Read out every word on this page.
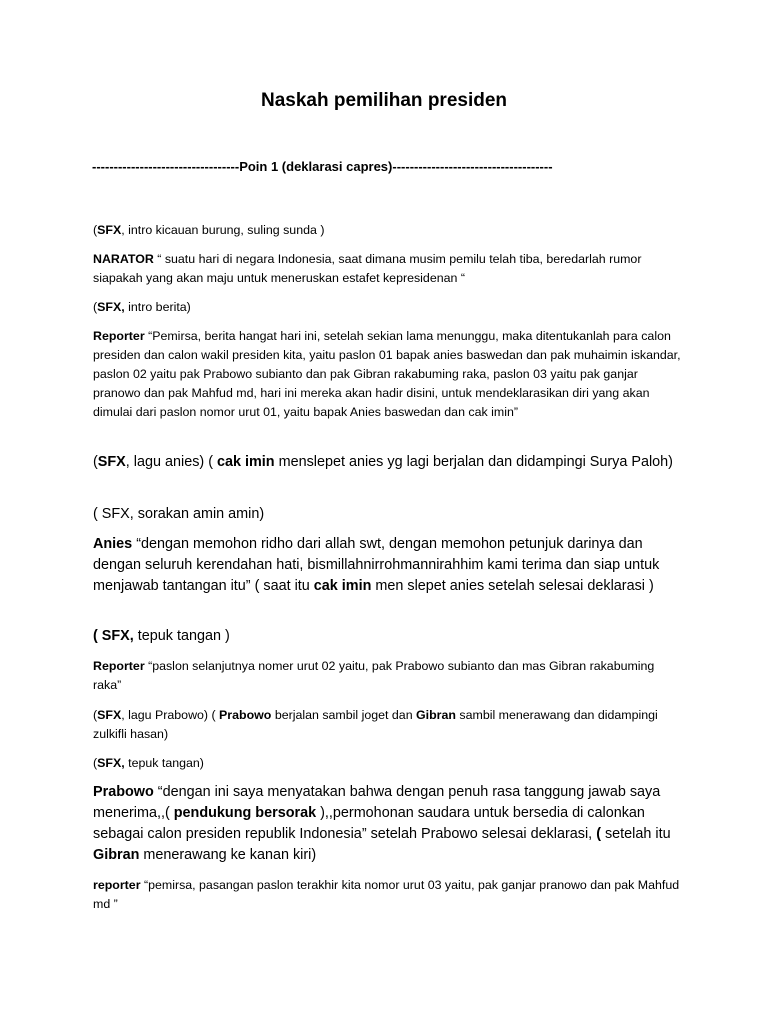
Naskah pemilihan presiden
----------------------------------Poin 1 (deklarasi capres)-------------------------------------

(SFX, intro kicauan burung, suling sunda )

NARATOR “ suatu hari di negara Indonesia, saat dimana musim pemilu telah tiba, beredarlah rumor siapakah yang akan maju untuk meneruskan estafet kepresidenan “

(SFX, intro berita)

Reporter “Pemirsa, berita hangat hari ini, setelah sekian lama menunggu, maka ditentukanlah para calon presiden dan calon wakil presiden kita, yaitu paslon 01 bapak anies baswedan dan pak muhaimin iskandar, paslon 02 yaitu pak Prabowo subianto dan pak Gibran rakabuming raka, paslon 03 yaitu pak ganjar pranowo dan pak Mahfud md, hari ini mereka akan hadir disini, untuk mendeklarasikan diri yang akan dimulai dari paslon nomor urut 01, yaitu bapak Anies baswedan dan cak imin”

(SFX, lagu anies) ( cak imin menslepet anies yg lagi berjalan dan didampingi Surya Paloh)

( SFX, sorakan amin amin)

Anies “dengan memohon ridho dari allah swt, dengan memohon petunjuk darinya dan dengan seluruh kerendahan hati, bismillahnirrohmannirahhim kami terima dan siap untuk menjawab tantangan itu” ( saat itu cak imin men slepet anies setelah selesai deklarasi )

( SFX, tepuk tangan )

Reporter “paslon selanjutnya nomer urut 02 yaitu, pak Prabowo subianto dan mas Gibran rakabuming raka”

(SFX, lagu Prabowo) ( Prabowo berjalan sambil joget dan Gibran sambil menerawang dan didampingi zulkifli hasan)

(SFX, tepuk tangan)

Prabowo “dengan ini saya menyatakan bahwa dengan penuh rasa tanggung jawab saya menerima,,( pendukung bersorak ),,permohonan saudara untuk bersedia di calonkan sebagai calon presiden republik Indonesia” setelah Prabowo selesai deklarasi, ( setelah itu Gibran menerawang ke kanan kiri)

reporter “pemirsa, pasangan paslon terakhir kita nomor urut 03 yaitu, pak ganjar pranowo dan pak Mahfud md ”
